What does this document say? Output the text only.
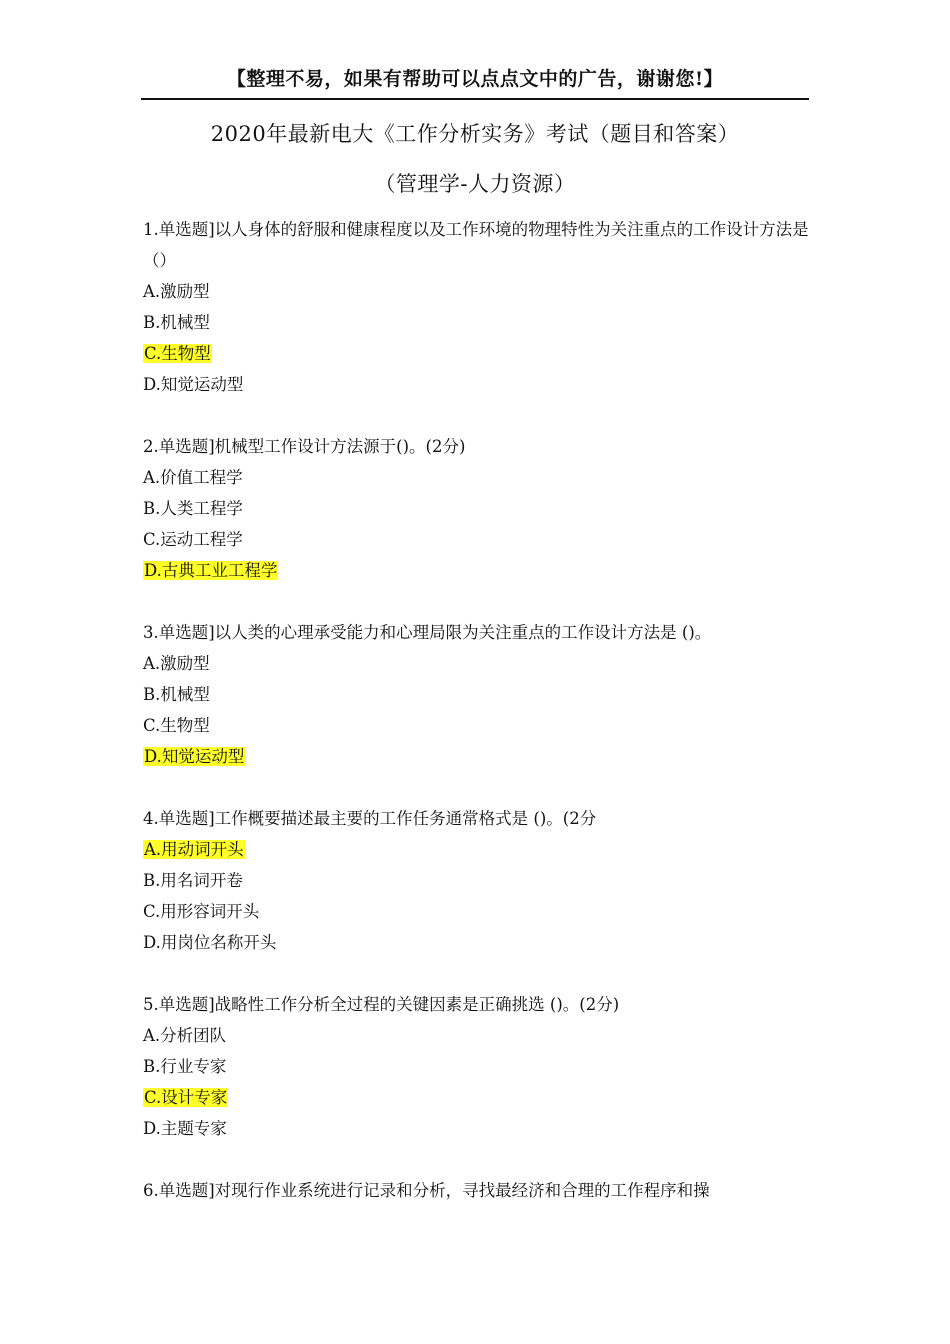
【整理不易，如果有帮助可以点点文中的广告，谢谢您!】
2020年最新电大《工作分析实务》考试（题目和答案）
（管理学-人力资源）
1.单选题]以人身体的舒服和健康程度以及工作环境的物理特性为关注重点的工作设计方法是（）
A.激励型
B.机械型
C.生物型
D.知觉运动型
2.单选题]机械型工作设计方法源于()。(2分)
A.价值工程学
B.人类工程学
C.运动工程学
D.古典工业工程学
3.单选题]以人类的心理承受能力和心理局限为关注重点的工作设计方法是 ()。
A.激励型
B.机械型
C.生物型
D.知觉运动型
4.单选题]工作概要描述最主要的工作任务通常格式是 ()。(2分
A.用动词开头
B.用名词开卷
C.用形容词开头
D.用岗位名称开头
5.单选题]战略性工作分析全过程的关键因素是正确挑选 ()。(2分)
A.分析团队
B.行业专家
C.设计专家
D.主题专家
6.单选题]对现行作业系统进行记录和分析，寻找最经济和合理的工作程序和操
